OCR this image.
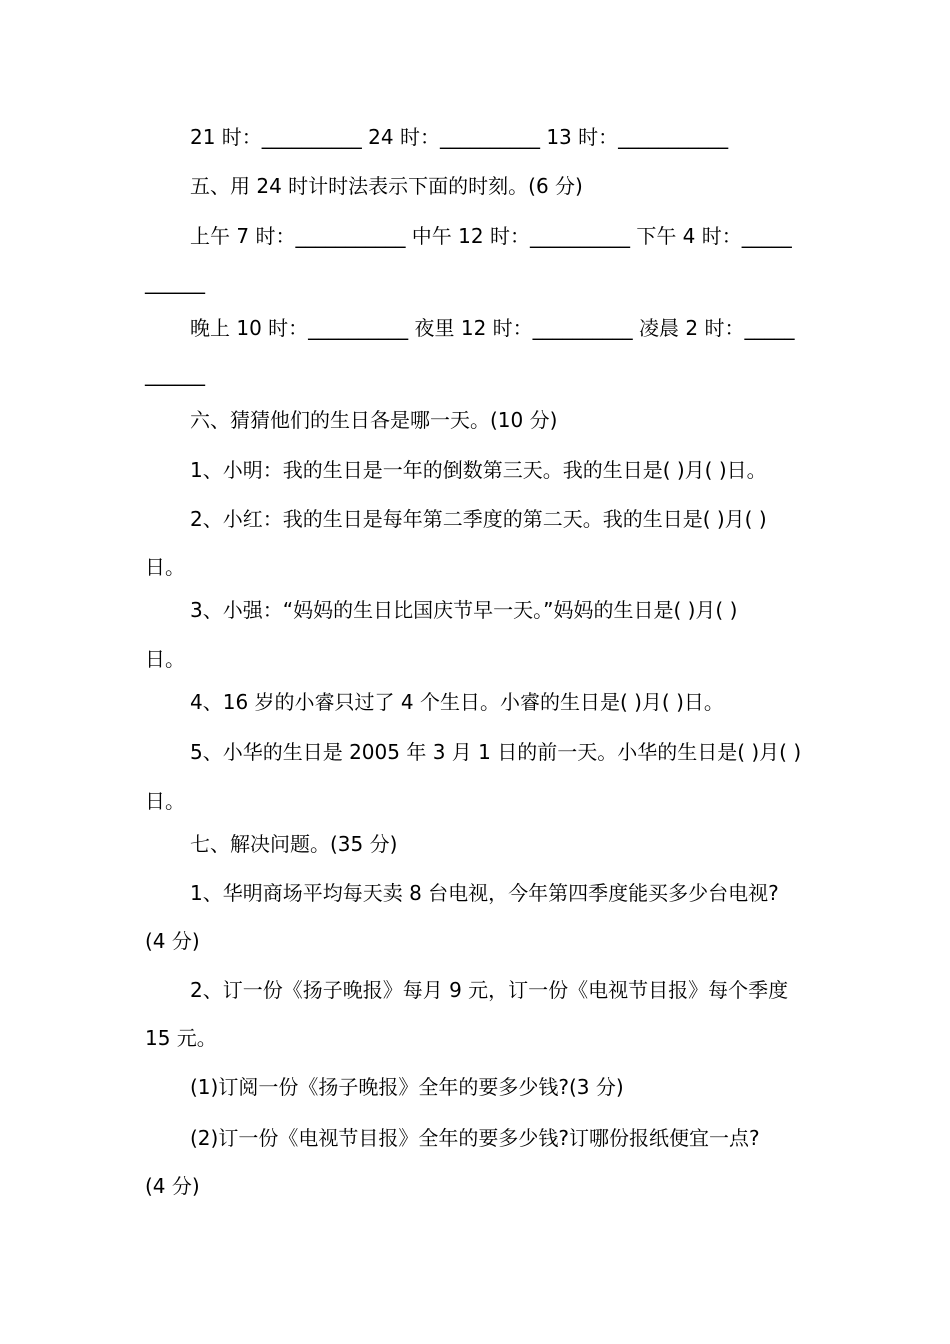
21 时：__________ 24 时：__________ 13 时：___________
五、用 24 时计时法表示下面的时刻。(6 分)
上午 7 时：___________ 中午 12 时：__________ 下午 4 时：_____
______
晚上 10 时：__________ 夜里 12 时：__________ 凌晨 2 时：_____
______
六、猜猜他们的生日各是哪一天。(10 分)
1、小明：我的生日是一年的倒数第三天。我的生日是( )月( )日。
2、小红：我的生日是每年第二季度的第二天。我的生日是( )月( )
日。
3、小强：“妈妈的生日比国庆节早一天。”妈妈的生日是( )月( )
日。
4、16 岁的小睿只过了 4 个生日。小睿的生日是( )月( )日。
5、小华的生日是 2005 年 3 月 1 日的前一天。小华的生日是( )月( )
日。
七、解决问题。(35 分)
1、华明商场平均每天卖 8 台电视，今年第四季度能买多少台电视?
(4 分)
2、订一份《扬子晚报》每月 9 元，订一份《电视节目报》每个季度
15 元。
(1)订阅一份《扬子晚报》全年的要多少钱?(3 分)
(2)订一份《电视节目报》全年的要多少钱?订哪份报纸便宜一点?
(4 分)
